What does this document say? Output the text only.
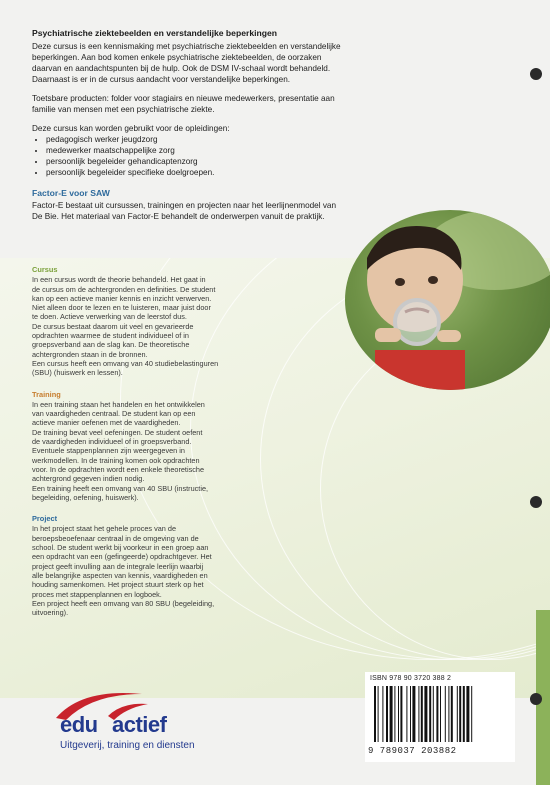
Psychiatrische ziektebeelden en verstandelijke beperkingen

Deze cursus is een kennismaking met psychiatrische ziektebeelden en verstandelijke
beperkingen. Aan bod komen enkele psychiatrische ziektebeelden, de oorzaken
daarvan en aandachtspunten bij de hulp. Ook de DSM IV-schaal wordt behandeld.
Daarnaast is er in de cursus aandacht voor verstandelijke beperkingen.

Toetsbare producten: folder voor stagiairs en nieuwe medewerkers, presentatie aan
familie van mensen met een psychiatrische ziekte.

Deze cursus kan worden gebruikt voor de opleidingen:

• pedagogisch werker jeugdzorg
• medewerker maatschappelijke zorg
• persoonlijk begeleider gehandicaptenzorg
• persoonlijk begeleider specifieke doelgroepen.
Factor-E voor SAW

Factor-E bestaat uit cursussen, trainingen en projecten naar het leerlijnenmodel van
De Bie. Het materiaal van Factor-E behandelt de onderwerpen vanuit de praktijk.

Cursus

In een cursus wordt de theorie behandeld. Het gaat in
de cursus om de achtergronden en definities. De student
kan op een actieve manier kennis en inzicht verwerven.
Niet alleen door te lezen en te luisteren, maar juist door
te doen. Actieve verwerking van de leerstof dus.
De cursus bestaat daarom uit veel en gevarieerde
opdrachten waarmee de student individueel of in
groepsverband aan de slag kan. De theoretische
achtergronden staan in de bronnen.
Een cursus heeft een omvang van 40 studiebelastinguren
(SBU) (huiswerk en lessen).

Training

In een training staan het handelen en het ontwikkelen
van vaardigheden centraal. De student kan op een
actieve manier oefenen met de vaardigheden.
De training bevat veel oefeningen. De student oefent
de vaardigheden individueel of in groepsverband.
Eventuele stappenplannen zijn weergegeven in
werkmodellen. In de training komen ook opdrachten
voor. In de opdrachten wordt een enkele theoretische
achtergrond gegeven indien nodig.
Een training heeft een omvang van 40 SBU (instructie,
begeleiding, oefening, huiswerk).

Project

In het project staat het gehele proces van de
beroepsbeoefenaar centraal in de omgeving van de
school. De student werkt bij voorkeur in een groep aan
een opdracht van een (gefingeerde) opdrachtgever. Het
project geeft invulling aan de integrale leerlijn waarbij
alle belangrijke aspecten van kennis, vaardigheden en
houding samenkomen. Het project stuurt sterk op het
proces met stappenplannen en logboek.
Een project heeft een omvang van 80 SBU (begeleiding,
uitvoering).

edu actief
Uitgeverij, training en diensten
ISBN 978 90 3720 388 2
9 789037 203882
